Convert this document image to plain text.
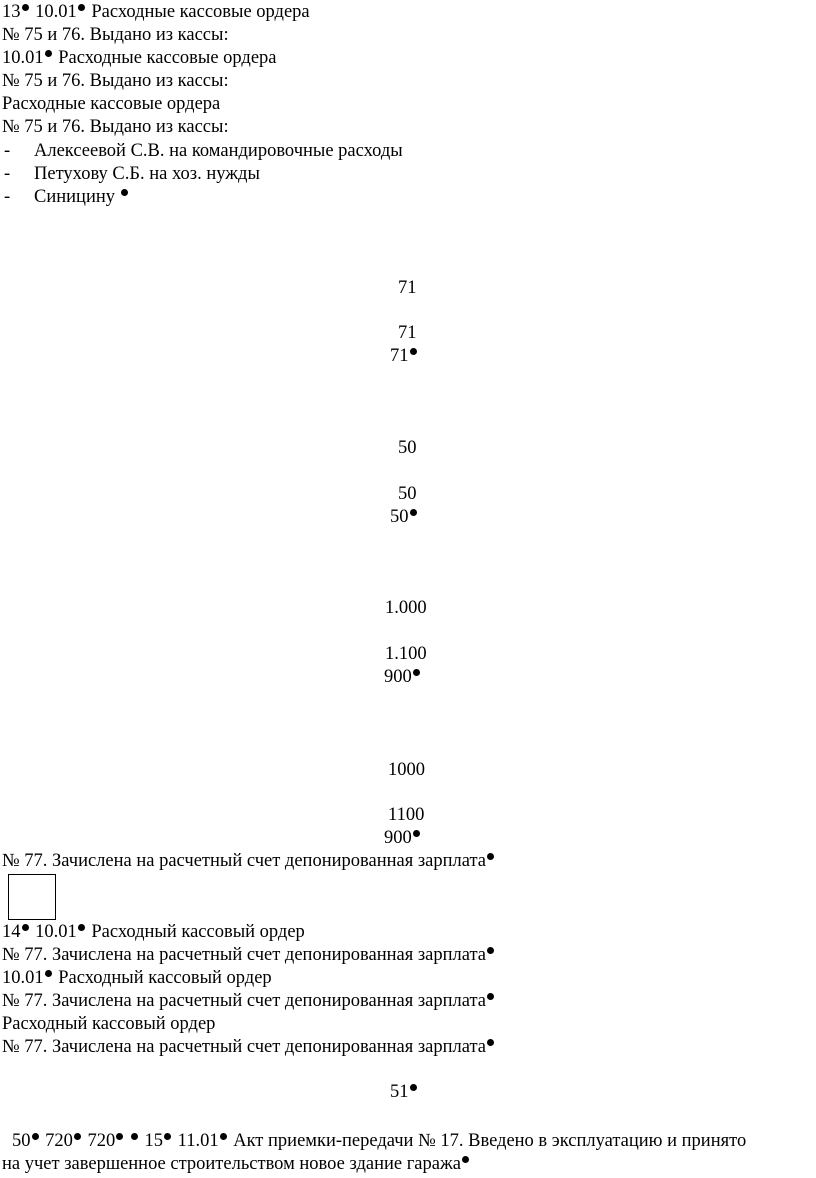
13 10.01 Расходные кассовые ордера
№ 75 и 76. Выдано из кассы:
10.01 Расходные кассовые ордера
№ 75 и 76. Выдано из кассы:
Расходные кассовые ордера
№ 75 и 76. Выдано из кассы:
- Алексеевой С.В. на командировочные расходы
- Петухову С.Б. на хоз. нужды
- Синицину
71
71
71
50
50
50
1.000
1.100
900
1000
1100
900
№ 77. Зачислена на расчетный счет депонированная зарплата
14 10.01 Расходный кассовый ордер
№ 77. Зачислена на расчетный счет депонированная зарплата
10.01 Расходный кассовый ордер
№ 77. Зачислена на расчетный счет депонированная зарплата
Расходный кассовый ордер
№ 77. Зачислена на расчетный счет депонированная зарплата
51
50 720 720 15 11.01 Акт приемки-передачи № 17. Введено в эксплуатацию и принято
на учет завершенное строительством новое здание гаража
